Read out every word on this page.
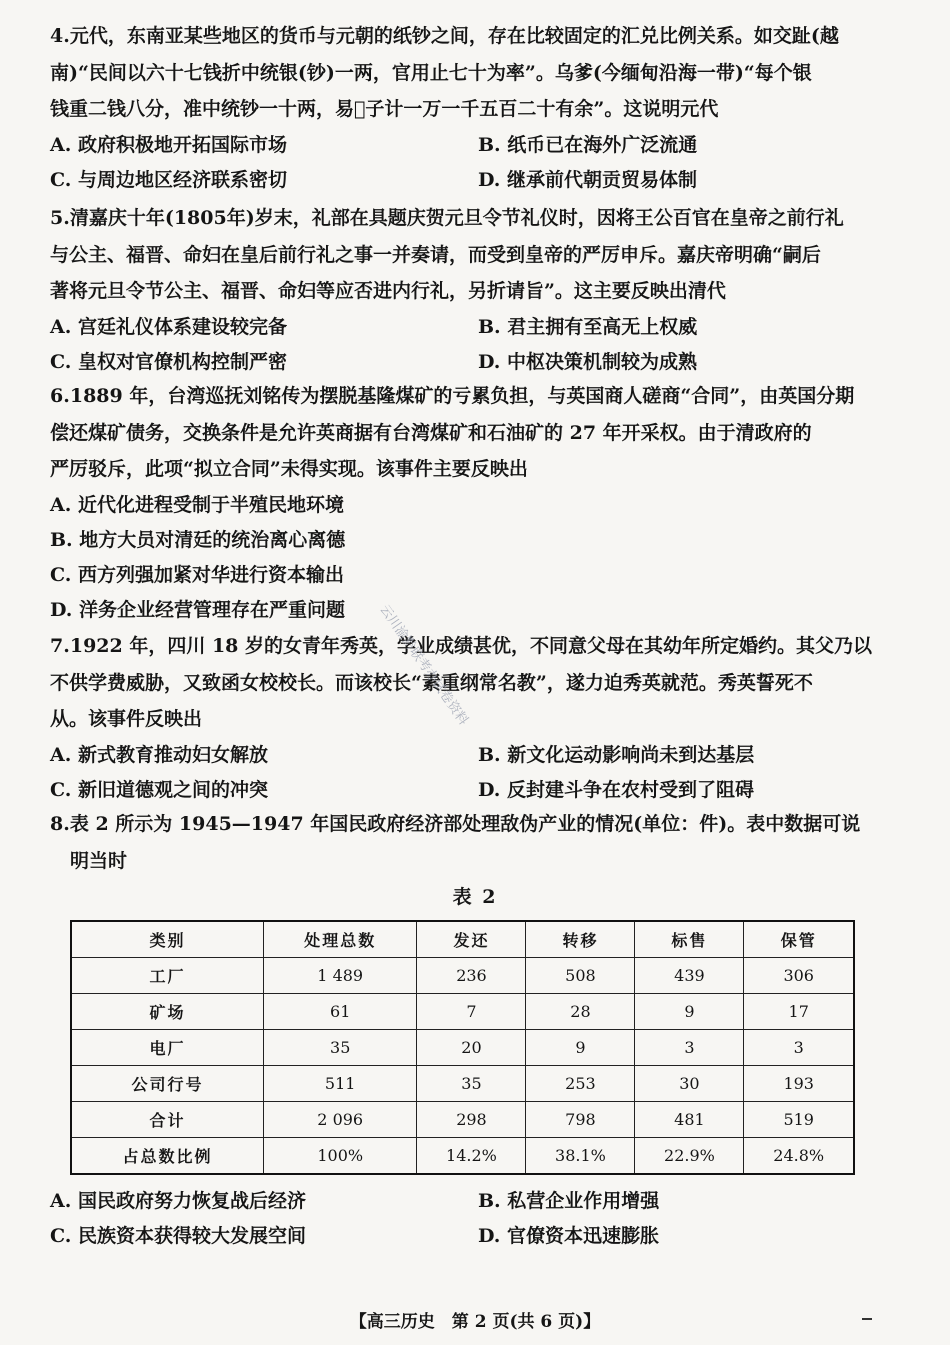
4.元代，东南亚某些地区的货币与元朝的纸钞之间，存在比较固定的汇兑比例关系。如交趾(越
南)“民间以六十七钱折中统银(钞)一两，官用止七十为率”。乌爹(今缅甸沿海一带)“每个银
钱重二钱八分，准中统钞一十两，易𧴩子计一万一千五百二十有余”。这说明元代
A. 政府积极地开拓国际市场	B. 纸币已在海外广泛流通
C. 与周边地区经济联系密切	D. 继承前代朝贡贸易体制
5.清嘉庆十年(1805年)岁末，礼部在具题庆贺元旦令节礼仪时，因将王公百官在皇帝之前行礼
与公主、福晋、命妇在皇后前行礼之事一并奏请，而受到皇帝的严厉申斥。嘉庆帝明确“嗣后
著将元旦令节公主、福晋、命妇等应否进内行礼，另折请旨”。这主要反映出清代
A. 宫廷礼仪体系建设较完备	B. 君主拥有至高无上权威
C. 皇权对官僚机构控制严密	D. 中枢决策机制较为成熟
6.1889 年，台湾巡抚刘铭传为摆脱基隆煤矿的亏累负担，与英国商人磋商“合同”，由英国分期
偿还煤矿债务，交换条件是允许英商据有台湾煤矿和石油矿的 27 年开采权。由于清政府的
严厉驳斥，此项“拟立合同”未得实现。该事件主要反映出
A. 近代化进程受制于半殖民地环境
B. 地方大员对清廷的统治离心离德
C. 西方列强加紧对华进行资本输出
D. 洋务企业经营管理存在严重问题
7.1922 年，四川 18 岁的女青年秀英，学业成绩甚优，不同意父母在其幼年所定婚约。其父乃以
不供学费威胁，又致函女校校长。而该校长“素重纲常名教”，遂力迫秀英就范。秀英誓死不
从。该事件反映出
A. 新式教育推动妇女解放	B. 新文化运动影响尚未到达基层
C. 新旧道德观之间的冲突	D. 反封建斗争在农村受到了阻碍
8.表 2 所示为 1945—1947 年国民政府经济部处理敌伪产业的情况(单位：件)。表中数据可说
明当时
表 2
类别	处理总数	发还	转移	标售	保管
工厂	1 489	236	508	439	306
矿场	61	7	28	9	17
电厂	35	20	9	3	3
公司行号	511	35	253	30	193
合计	2 096	298	798	481	519
占总数比例	100%	14.2%	38.1%	22.9%	24.8%
A. 国民政府努力恢复战后经济	B. 私营企业作用增强
C. 民族资本获得较大发展空间	D. 官僚资本迅速膨胀
云川渝黔联考办试卷资料
【高三历史　第 2 页(共 6 页)】
